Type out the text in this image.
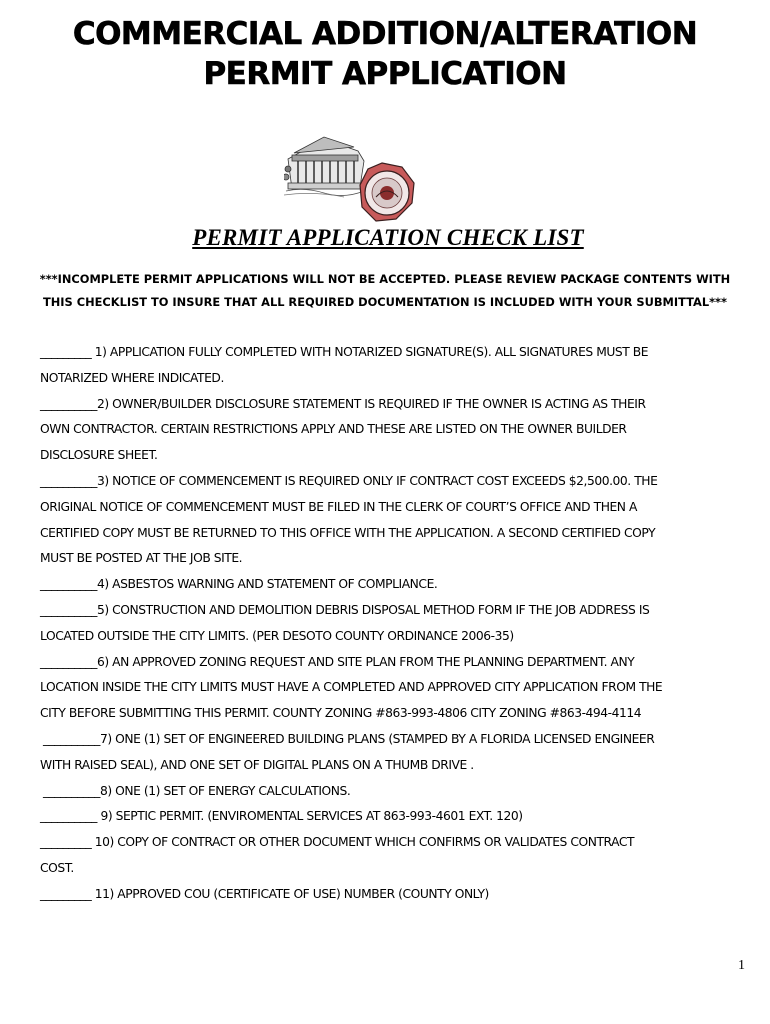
COMMERCIAL ADDITION/ALTERATION
PERMIT APPLICATION
PERMIT APPLICATION CHECK LIST
***INCOMPLETE PERMIT APPLICATIONS WILL NOT BE ACCEPTED. PLEASE REVIEW PACKAGE CONTENTS WITH
THIS CHECKLIST TO INSURE THAT ALL REQUIRED DOCUMENTATION IS INCLUDED WITH YOUR SUBMITTAL***
_________ 1) APPLICATION FULLY COMPLETED WITH NOTARIZED SIGNATURE(S). ALL SIGNATURES MUST BE
NOTARIZED WHERE INDICATED.
__________2) OWNER/BUILDER DISCLOSURE STATEMENT IS REQUIRED IF THE OWNER IS ACTING AS THEIR
OWN CONTRACTOR. CERTAIN RESTRICTIONS APPLY AND THESE ARE LISTED ON THE OWNER BUILDER
DISCLOSURE SHEET.
__________3) NOTICE OF COMMENCEMENT IS REQUIRED ONLY IF CONTRACT COST EXCEEDS $2,500.00. THE
ORIGINAL NOTICE OF COMMENCEMENT MUST BE FILED IN THE CLERK OF COURT’S OFFICE AND THEN A
CERTIFIED COPY MUST BE RETURNED TO THIS OFFICE WITH THE APPLICATION. A SECOND CERTIFIED COPY
MUST BE POSTED AT THE JOB SITE.
__________4) ASBESTOS WARNING AND STATEMENT OF COMPLIANCE.
__________5) CONSTRUCTION AND DEMOLITION DEBRIS DISPOSAL METHOD FORM IF THE JOB ADDRESS IS
LOCATED OUTSIDE THE CITY LIMITS. (PER DESOTO COUNTY ORDINANCE 2006-35)
__________6) AN APPROVED ZONING REQUEST AND SITE PLAN FROM THE PLANNING DEPARTMENT. ANY
LOCATION INSIDE THE CITY LIMITS MUST HAVE A COMPLETED AND APPROVED CITY APPLICATION FROM THE
CITY BEFORE SUBMITTING THIS PERMIT. COUNTY ZONING #863-993-4806 CITY ZONING #863-494-4114
__________7) ONE (1) SET OF ENGINEERED BUILDING PLANS (STAMPED BY A FLORIDA LICENSED ENGINEER
WITH RAISED SEAL), AND ONE SET OF DIGITAL PLANS ON A THUMB DRIVE .
__________8) ONE (1) SET OF ENERGY CALCULATIONS.
__________ 9) SEPTIC PERMIT. (ENVIROMENTAL SERVICES AT 863-993-4601 EXT. 120)
_________ 10) COPY OF CONTRACT OR OTHER DOCUMENT WHICH CONFIRMS OR VALIDATES CONTRACT
COST.
_________ 11) APPROVED COU (CERTIFICATE OF USE) NUMBER (COUNTY ONLY)
1
